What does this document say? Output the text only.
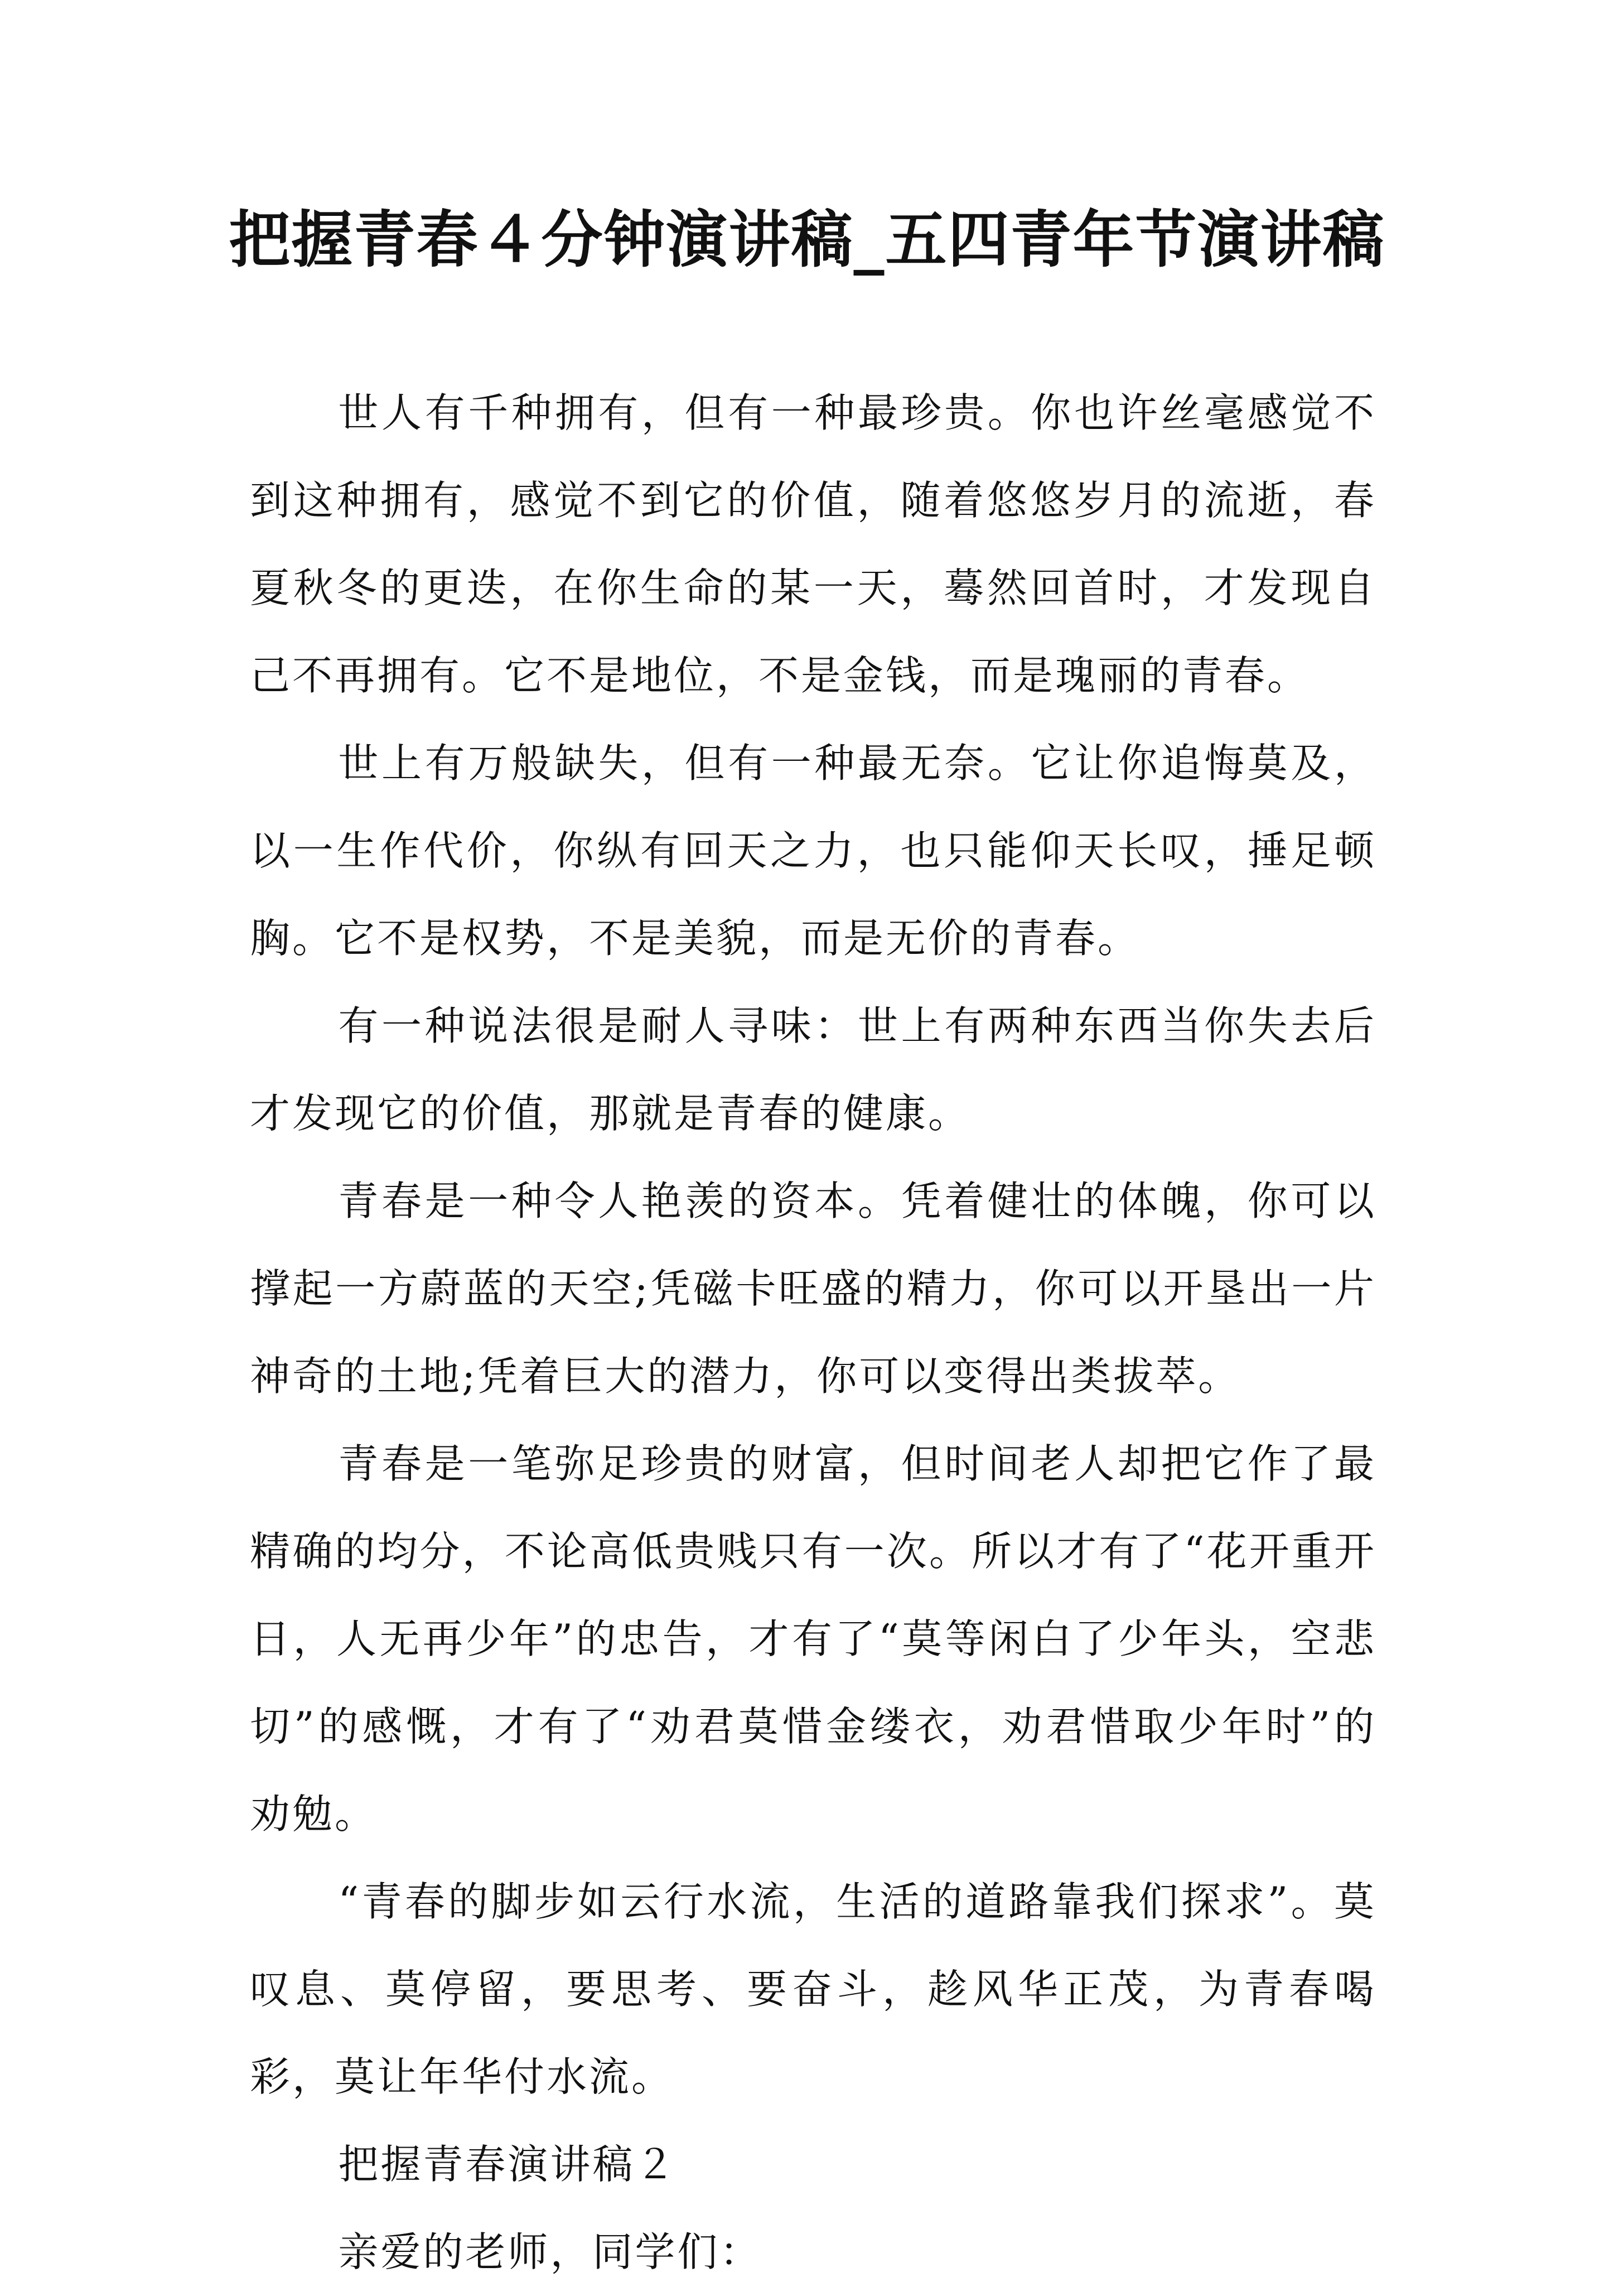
把握青春４分钟演讲稿_五四青年节演讲稿

世人有千种拥有，但有一种最珍贵。你也许丝毫感觉不到这种拥有，感觉不到它的价值，随着悠悠岁月的流逝，春夏秋冬的更迭，在你生命的某一天，蓦然回首时，才发现自己不再拥有。它不是地位，不是金钱，而是瑰丽的青春。

世上有万般缺失，但有一种最无奈。它让你追悔莫及，以一生作代价，你纵有回天之力，也只能仰天长叹，捶足顿胸。它不是权势，不是美貌，而是无价的青春。

有一种说法很是耐人寻味：世上有两种东西当你失去后才发现它的价值，那就是青春的健康。

青春是一种令人艳羡的资本。凭着健壮的体魄，你可以撑起一方蔚蓝的天空;凭磁卡旺盛的精力，你可以开垦出一片神奇的土地;凭着巨大的潜力，你可以变得出类拔萃。

青春是一笔弥足珍贵的财富，但时间老人却把它作了最精确的均分，不论高低贵贱只有一次。所以才有了“花开重开日，人无再少年”的忠告，才有了“莫等闲白了少年头，空悲切”的感慨，才有了“劝君莫惜金缕衣，劝君惜取少年时”的劝勉。

“青春的脚步如云行水流，生活的道路靠我们探求”。莫叹息、莫停留，要思考、要奋斗，趁风华正茂，为青春喝彩，莫让年华付水流。

把握青春演讲稿２

亲爱的老师，同学们：
